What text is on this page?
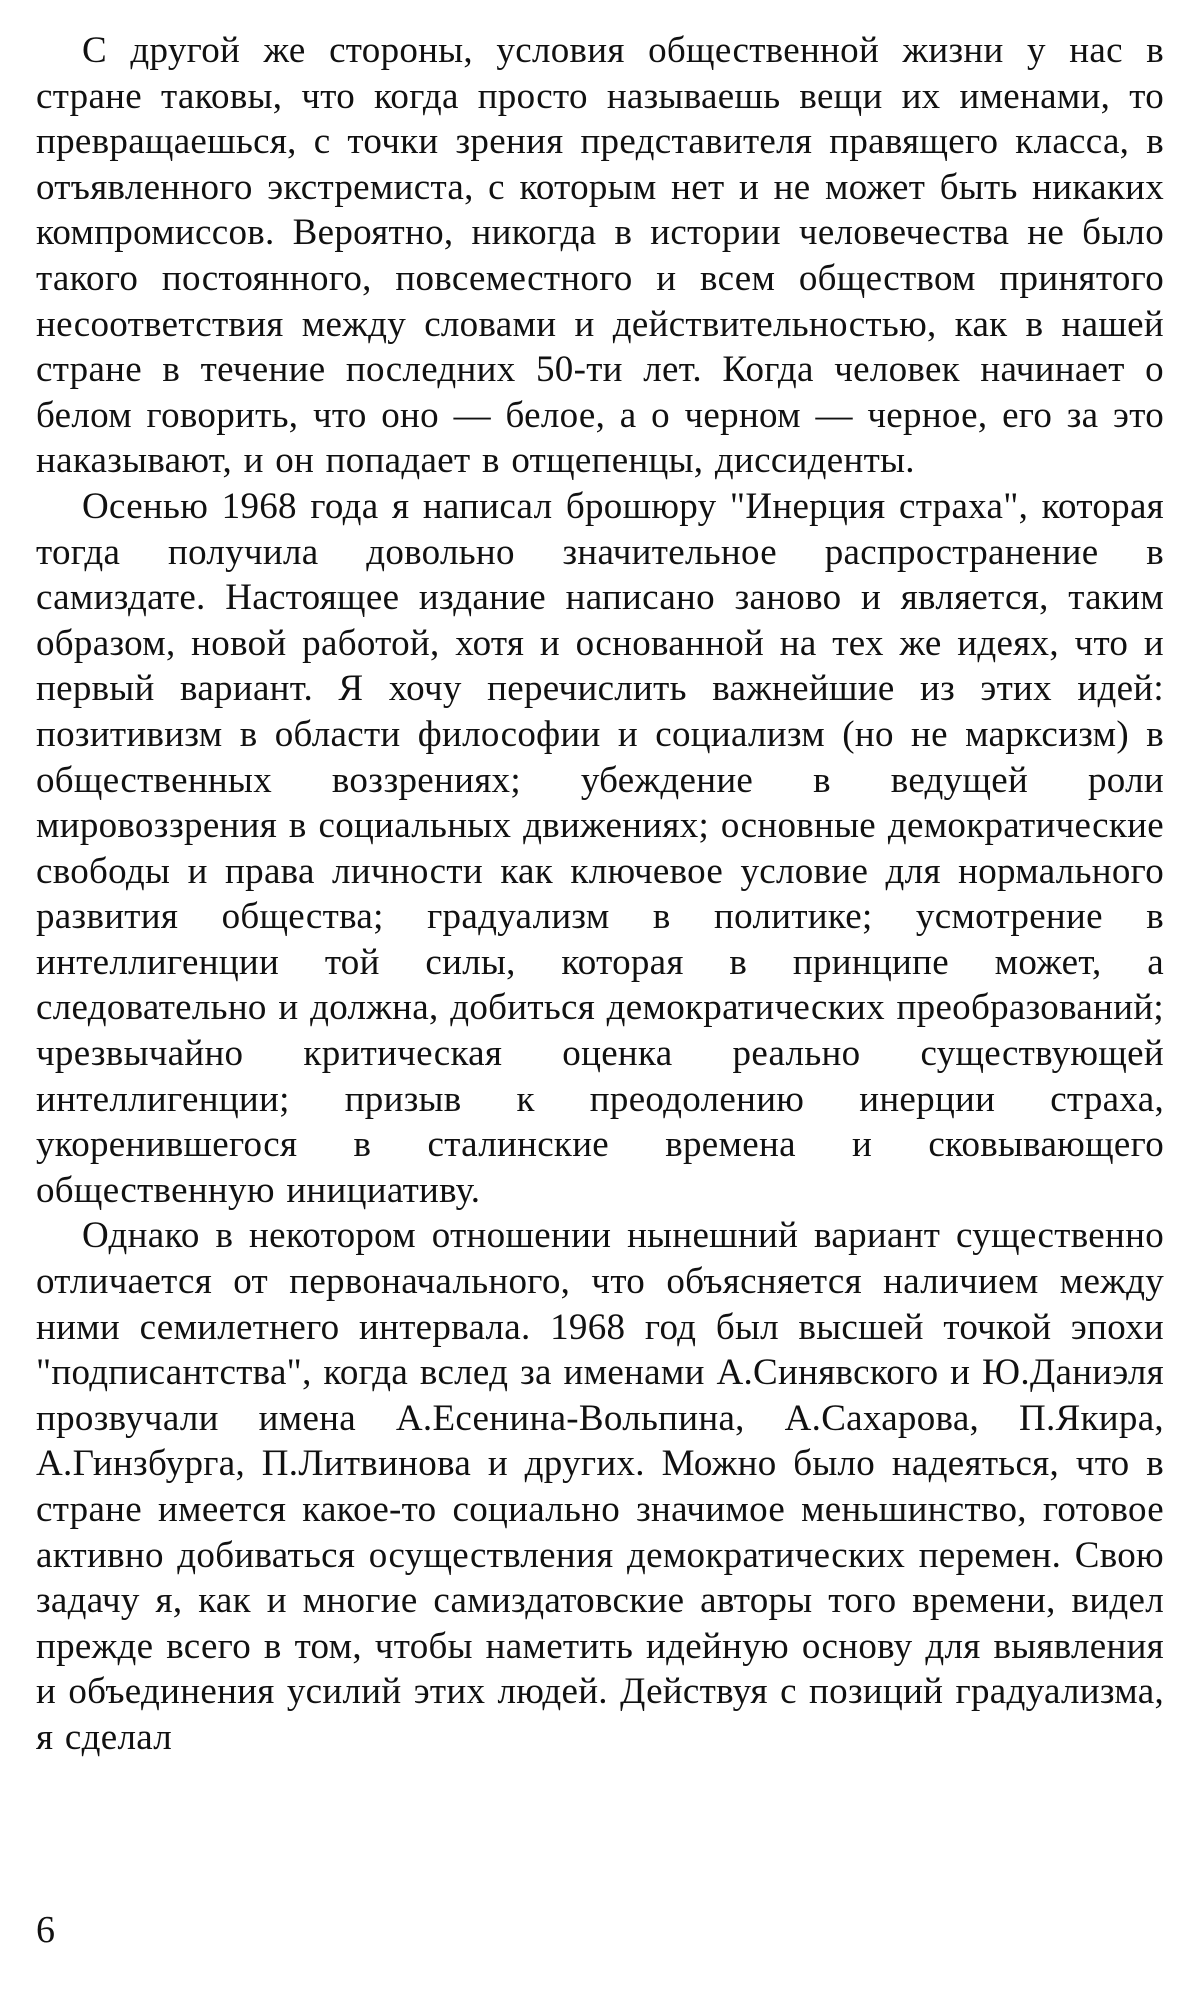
С другой же стороны, условия общественной жизни у нас в стране таковы, что когда просто называешь вещи их именами, то превращаешься, с точки зрения представителя правящего класса, в отъявленного экстремиста, с которым нет и не может быть никаких компромиссов. Вероятно, никогда в истории человечества не было такого постоянного, повсеместного и всем обществом принятого несоответствия между словами и действительностью, как в нашей стране в течение последних 50-ти лет. Когда человек начинает о белом говорить, что оно — белое, а о черном — черное, его за это наказывают, и он попадает в отщепенцы, диссиденты.

Осенью 1968 года я написал брошюру "Инерция страха", которая тогда получила довольно значительное распространение в самиздате. Настоящее издание написано заново и является, таким образом, новой работой, хотя и основанной на тех же идеях, что и первый вариант. Я хочу перечислить важнейшие из этих идей: позитивизм в области философии и социализм (но не марксизм) в общественных воззрениях; убеждение в ведущей роли мировоззрения в социальных движениях; основные демократические свободы и права личности как ключевое условие для нормального развития общества; градуализм в политике; усмотрение в интеллигенции той силы, которая в принципе может, а следовательно и должна, добиться демократических преобразований; чрезвычайно критическая оценка реально существующей интеллигенции; призыв к преодолению инерции страха, укоренившегося в сталинские времена и сковывающего общественную инициативу.

Однако в некотором отношении нынешний вариант существенно отличается от первоначального, что объясняется наличием между ними семилетнего интервала. 1968 год был высшей точкой эпохи "подписантства", когда вслед за именами А.Синявского и Ю.Даниэля прозвучали имена А.Есенина-Вольпина, А.Сахарова, П.Якира, А.Гинзбурга, П.Литвинова и других. Можно было надеяться, что в стране имеется какое-то социально значимое меньшинство, готовое активно добиваться осуществления демократических перемен. Свою задачу я, как и многие самиздатовские авторы того времени, видел прежде всего в том, чтобы наметить идейную основу для выявления и объединения усилий этих людей. Действуя с позиций градуализма, я сделал

6
